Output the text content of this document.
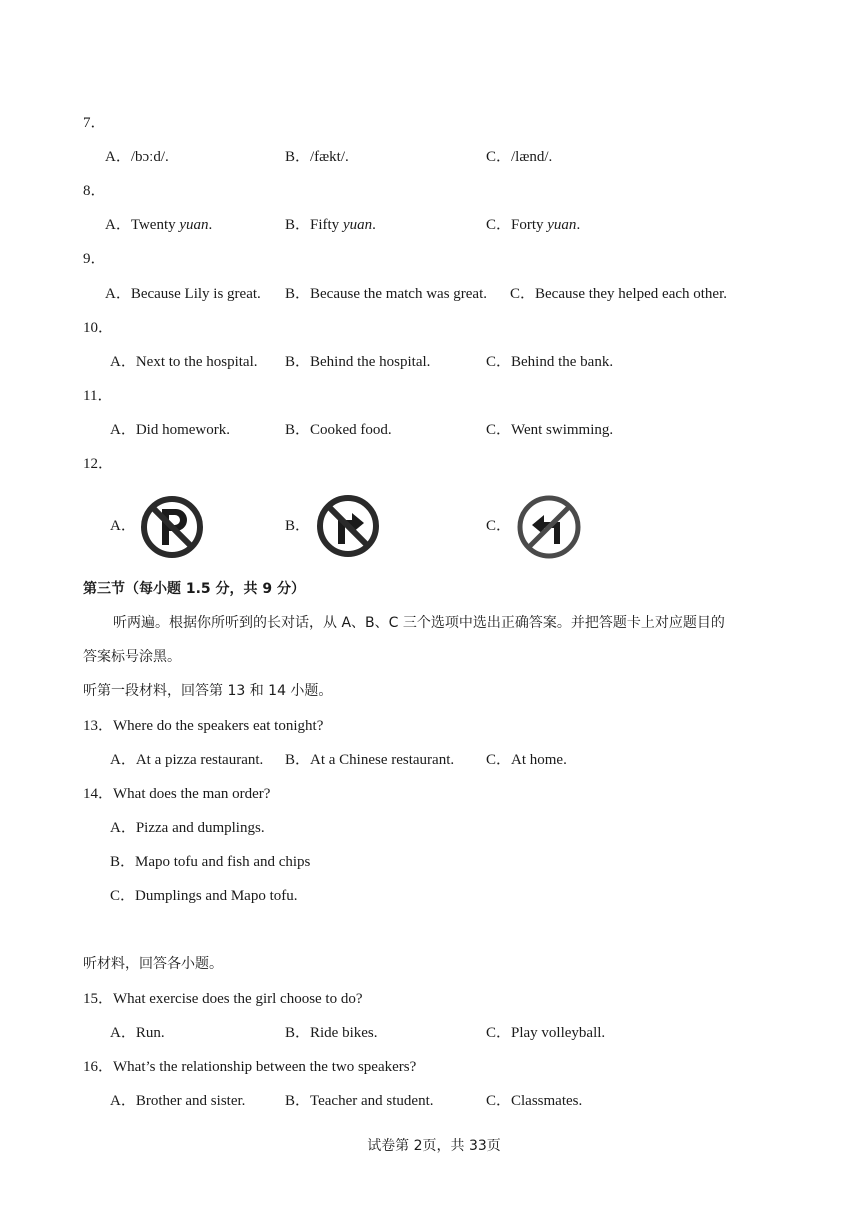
7．
A．/bɔːd/.	B．/fækt/.	C．/lænd/.
8．
A．Twenty yuan.	B．Fifty yuan.	C．Forty yuan.
9．
A．Because Lily is great. B．Because the match was great. C．Because they helped each other.
10．
A．Next to the hospital. B．Behind the hospital.	C．Behind the bank.
11．
A．Did homework.	B．Cooked food.	C．Went swimming.
12．
A．	B．	C．
第三节（每小题 1.5 分，共 9 分）
听两遍。根据你所听到的长对话，从 A、B、C 三个选项中选出正确答案。并把答题卡上对应题目的
答案标号涂黑。
听第一段材料，回答第 13 和 14 小题。
13．Where do the speakers eat tonight?
A．At a pizza restaurant. B．At a Chinese restaurant. C．At home.
14．What does the man order?
A．Pizza and dumplings.
B．Mapo tofu and fish and chips
C．Dumplings and Mapo tofu.
听材料，回答各小题。
15．What exercise does the girl choose to do?
A．Run.	B．Ride bikes.	C．Play volleyball.
16．What’s the relationship between the two speakers?
A．Brother and sister.	B．Teacher and student.	C．Classmates.
试卷第 2页，共 33页
